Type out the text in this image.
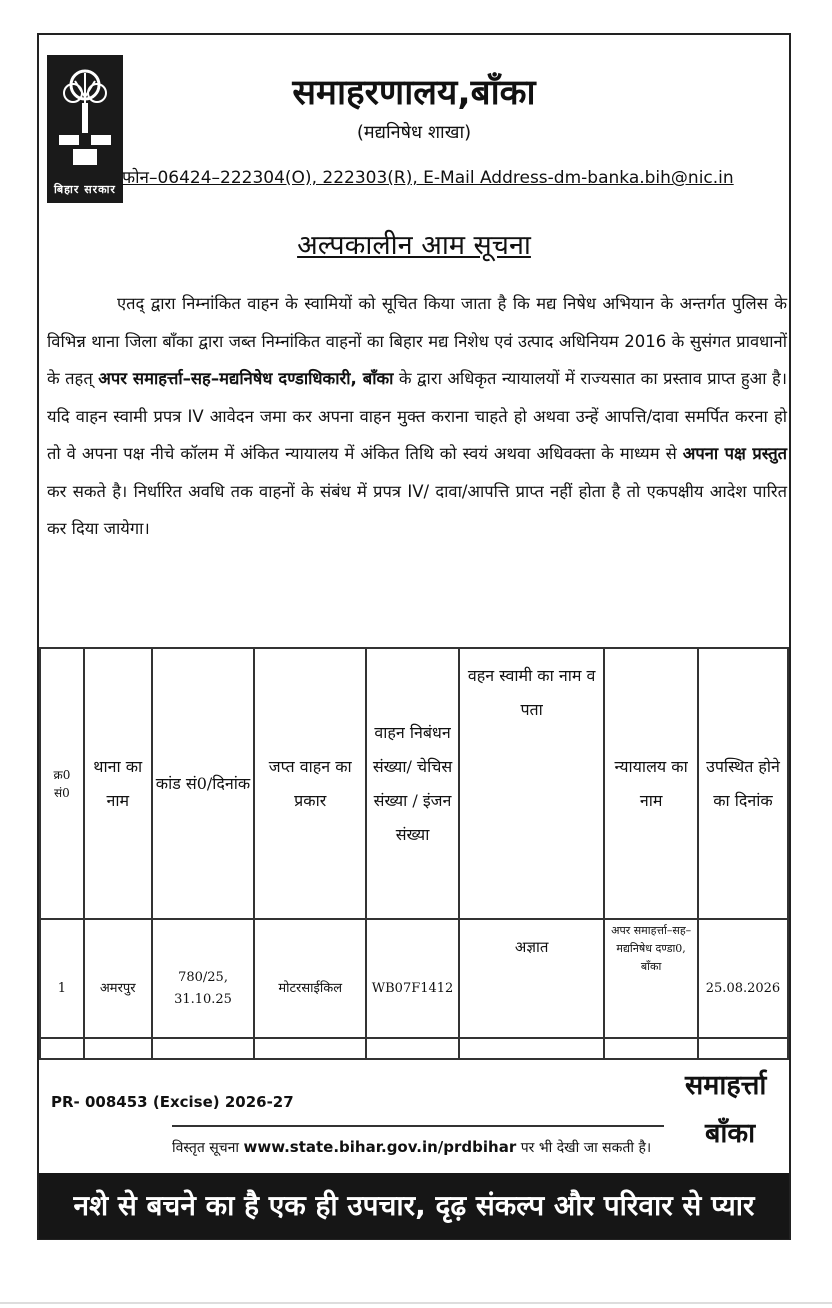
बिहार सरकार
समाहरणालय,बाँका
(मद्यनिषेध शाखा)
फोन–06424–222304(O), 222303(R), E-Mail Address-dm-banka.bih@nic.in
अल्पकालीन आम सूचना

एतद् द्वारा निम्नांकित वाहन के स्वामियों को सूचित किया जाता है कि मद्य निषेध अभियान के अन्तर्गत पुलिस के विभिन्न थाना जिला बाँका द्वारा जब्त निम्नांकित वाहनों का बिहार मद्य निशेध एवं उत्पाद अधिनियम 2016 के सुसंगत प्रावधानों के तहत् अपर समाहर्त्ता–सह–मद्यनिषेध दण्डाधिकारी, बाँका के द्वारा अधिकृत न्यायालयों में राज्यसात का प्रस्ताव प्राप्त हुआ है। यदि वाहन स्वामी प्रपत्र IV आवेदन जमा कर अपना वाहन मुक्त कराना चाहते हो अथवा उन्हें आपत्ति/दावा समर्पित करना हो तो वे अपना पक्ष नीचे कॉलम में अंकित न्यायालय में अंकित तिथि को स्वयं अथवा अधिवक्ता के माध्यम से अपना पक्ष प्रस्तुत कर सकते है। निर्धारित अवधि तक वाहनों के संबंध में प्रपत्र IV/ दावा/आपत्ति प्राप्त नहीं होता है तो एकपक्षीय आदेश पारित कर दिया जायेगा।

क्र0 सं0	थाना का नाम	कांड सं0/दिनांक	जप्त वाहन का प्रकार	वाहन निबंधन संख्या/ चेचिस संख्या / इंजन संख्या	वहन स्वामी का नाम व पता	न्यायालय का नाम	उपस्थित होने का दिनांक
1	अमरपुर	780/25, 31.10.25	मोटरसाईकिल	WB07F1412	अज्ञात	अपर समाहर्त्ता–सह–मद्यनिषेध दण्डा0, बाँका	25.08.2026
PR- 008453 (Excise) 2026-27
समाहर्त्ता
बाँका
विस्तृत सूचना www.state.bihar.gov.in/prdbihar पर भी देखी जा सकती है।
नशे से बचने का है एक ही उपचार, दृढ़ संकल्प और परिवार से प्यार
